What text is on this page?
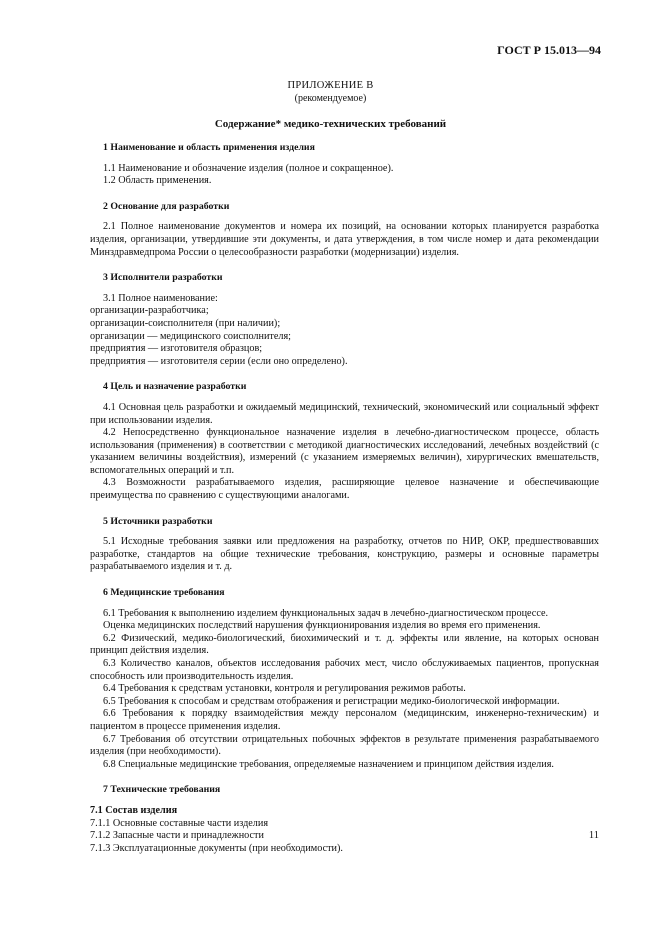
ГОСТ Р 15.013—94
ПРИЛОЖЕНИЕ В
(рекомендуемое)
Содержание* медико-технических требований
1 Наименование и область применения изделия

1.1 Наименование и обозначение изделия (полное и сокращенное).

1.2 Область применения.

2 Основание для разработки

2.1 Полное наименование документов и номера их позиций, на основании которых планируется разработка изделия, организации, утвердившие эти документы, и дата утверждения, в том числе номер и дата рекомендации Минздравмедпрома России о целесообразности разработки (модернизации) изделия.

3 Исполнители разработки

3.1 Полное наименование:

организации-разработчика;

организации-соисполнителя (при наличии);

организации — медицинского соисполнителя;

предприятия — изготовителя образцов;

предприятия — изготовителя серии (если оно определено).

4 Цель и назначение разработки

4.1 Основная цель разработки и ожидаемый медицинский, технический, экономический или социальный эффект при использовании изделия.

4.2 Непосредственно функциональное назначение изделия в лечебно-диагностическом процессе, область использования (применения) в соответствии с методикой диагностических исследований, лечебных воздействий (с указанием величины воздействия), измерений (с указанием измеряемых величин), хирургических вмешательств, вспомогательных операций и т.п.

4.3 Возможности разрабатываемого изделия, расширяющие целевое назначение и обеспечивающие преимущества по сравнению с существующими аналогами.

5 Источники разработки

5.1 Исходные требования заявки или предложения на разработку, отчетов по НИР, ОКР, предшествовавших разработке, стандартов на общие технические требования, конструкцию, размеры и основные параметры разрабатываемого изделия и т. д.

6 Медицинские требования

6.1 Требования к выполнению изделием функциональных задач в лечебно-диагностическом процессе.

Оценка медицинских последствий нарушения функционирования изделия во время его применения.

6.2 Физический, медико-биологический, биохимический и т. д. эффекты или явление, на которых основан принцип действия изделия.

6.3 Количество каналов, объектов исследования рабочих мест, число обслуживаемых пациентов, пропускная способность или производительность изделия.

6.4 Требования к средствам установки, контроля и регулирования режимов работы.

6.5 Требования к способам и средствам отображения и регистрации медико-биологической информации.

6.6 Требования к порядку взаимодействия между персоналом (медицинским, инженерно-техническим) и пациентом в процессе применения изделия.

6.7 Требования об отсутствии отрицательных побочных эффектов в результате применения разрабатываемого изделия (при необходимости).

6.8 Специальные медицинские требования, определяемые назначением и принципом действия изделия.

7 Технические требования

7.1 Состав изделия

7.1.1 Основные составные части изделия

7.1.2 Запасные части и принадлежности

7.1.3 Эксплуатационные документы (при необходимости).

11
